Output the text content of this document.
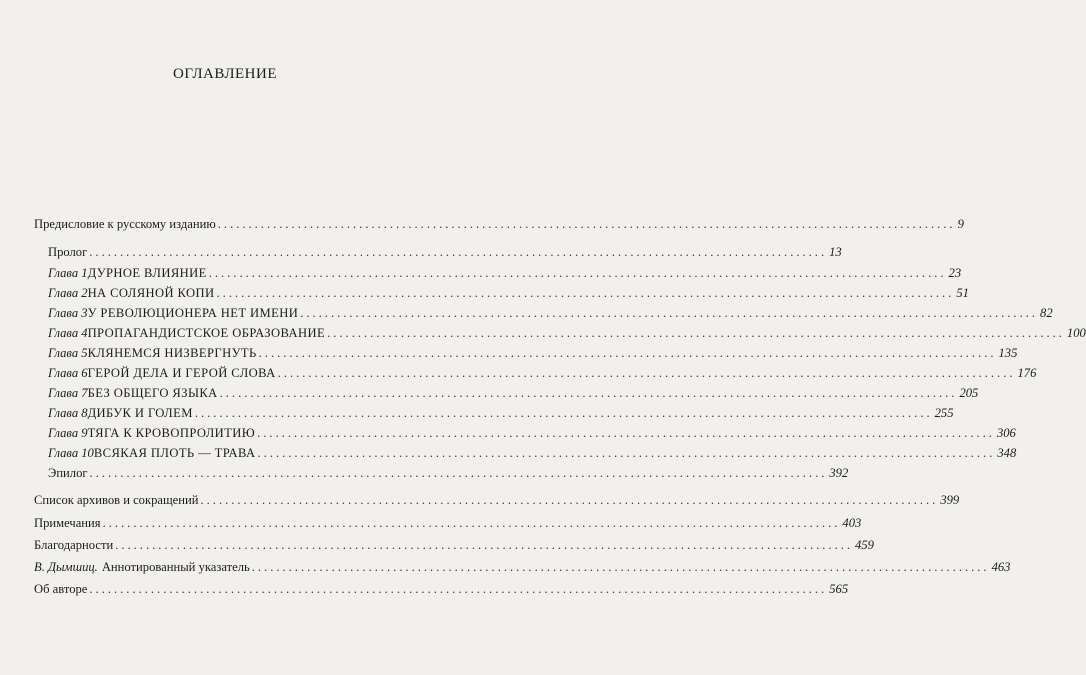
ОГЛАВЛЕНИЕ
Предисловие к русскому изданию ........................................................................................................................ 9
Пролог ........................................................................................................................ 13
Глава 1 ДУРНОЕ ВЛИЯНИЕ ........................................................................................................................ 23
Глава 2 НА СОЛЯНОЙ КОПИ ........................................................................................................................ 51
Глава 3 У РЕВОЛЮЦИОНЕРА НЕТ ИМЕНИ ........................................................................................................................ 82
Глава 4 ПРОПАГАНДИСТСКОЕ ОБРАЗОВАНИЕ ........................................................................................................................ 100
Глава 5 КЛЯНЕМСЯ НИЗВЕРГНУТЬ ........................................................................................................................ 135
Глава 6 ГЕРОЙ ДЕЛА И ГЕРОЙ СЛОВА ........................................................................................................................ 176
Глава 7 БЕЗ ОБЩЕГО ЯЗЫКА ........................................................................................................................ 205
Глава 8 ДИБУК И ГОЛЕМ ........................................................................................................................ 255
Глава 9 ТЯГА К КРОВОПРОЛИТИЮ ........................................................................................................................ 306
Глава 10 ВСЯКАЯ ПЛОТЬ — ТРАВА ........................................................................................................................ 348
Эпилог ........................................................................................................................ 392
Список архивов и сокращений ........................................................................................................................ 399
Примечания ........................................................................................................................ 403
Благодарности ........................................................................................................................ 459
В. Дымшиц. Аннотированный указатель ........................................................................................................................ 463
Об авторе ........................................................................................................................ 565
